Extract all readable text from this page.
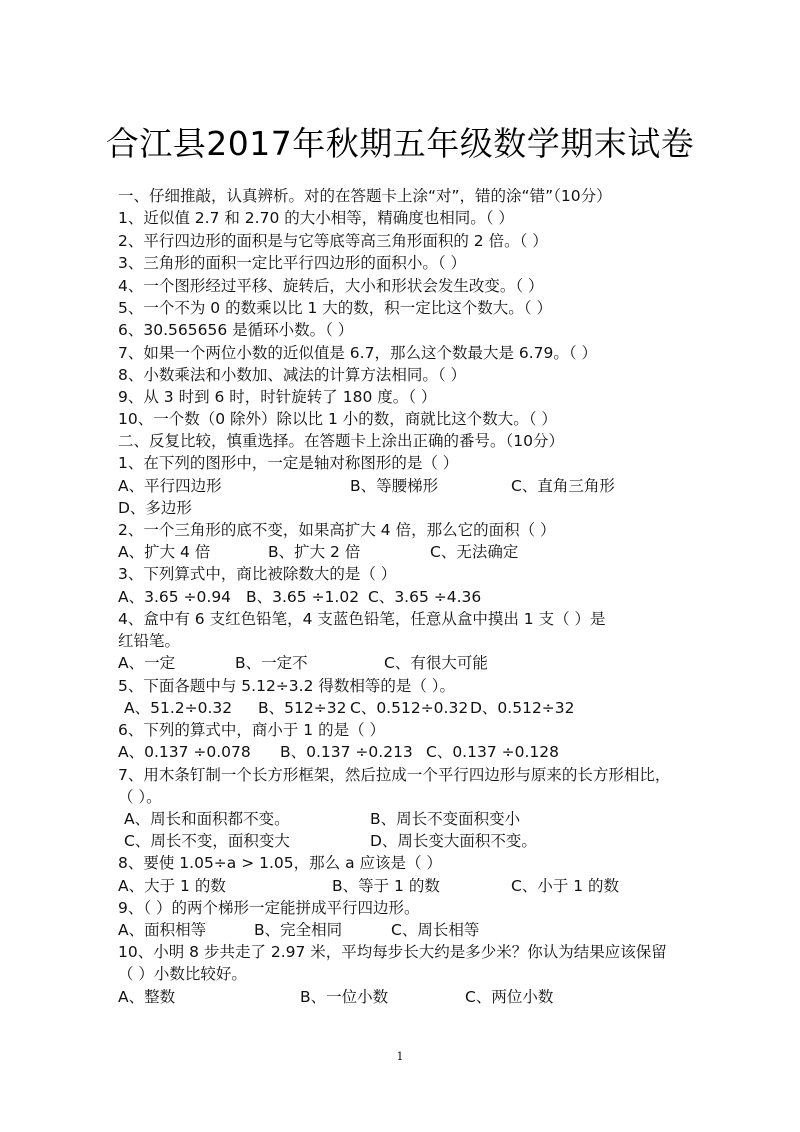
合江县2017年秋期五年级数学期末试卷
一、仔细推敲，认真辨析。对的在答题卡上涂“对”，错的涂“错”（10分）
1、近似值 2.7 和 2.70 的大小相等，精确度也相同。（ ）
2、平行四边形的面积是与它等底等高三角形面积的 2 倍。（ ）
3、三角形的面积一定比平行四边形的面积小。（ ）
4、一个图形经过平移、旋转后，大小和形状会发生改变。（ ）
5、一个不为 0 的数乘以比 1 大的数，积一定比这个数大。（ ）
6、30.565656 是循环小数。（ ）
7、如果一个两位小数的近似值是 6.7，那么这个数最大是 6.79。（ ）
8、小数乘法和小数加、减法的计算方法相同。（ ）
9、从 3 时到 6 时，时针旋转了 180 度。（ ）
10、一个数（0 除外）除以比 1 小的数，商就比这个数大。（ ）
二、反复比较，慎重选择。在答题卡上涂出正确的番号。（10分）
1、在下列的图形中，一定是轴对称图形的是（ ）
A、平行四边形	B、等腰梯形	C、直角三角形
D、多边形
2、一个三角形的底不变，如果高扩大 4 倍，那么它的面积（ ）
A、扩大 4 倍	B、扩大 2 倍	C、无法确定
3、下列算式中，商比被除数大的是（ ）
A、3.65 ÷0.94 B、3.65 ÷1.02 C、3.65 ÷4.36
4、盒中有 6 支红色铅笔，4 支蓝色铅笔，任意从盒中摸出 1 支（ ）是
红铅笔。
A、一定	B、一定不	C、有很大可能
5、下面各题中与 5.12÷3.2 得数相等的是（ ）。
A、51.2÷0.32 B、512÷32 C、0.512÷0.32 D、0.512÷32
6、下列的算式中，商小于 1 的是（ ）
A、0.137 ÷0.078 B、0.137 ÷0.213 C、0.137 ÷0.128
7、用木条钉制一个长方形框架，然后拉成一个平行四边形与原来的长方形相比，
（ ）。
A、周长和面积都不变。	B、周长不变面积变小
C、周长不变，面积变大	D、周长变大面积不变。
8、要使 1.05÷a > 1.05，那么 a 应该是（ ）
A、大于 1 的数	B、等于 1 的数	C、小于 1 的数
9、（ ）的两个梯形一定能拼成平行四边形。
A、面积相等	B、完全相同	C、周长相等
10、小明 8 步共走了 2.97 米，平均每步长大约是多少米？你认为结果应该保留
（ ）小数比较好。
A、整数	B、一位小数	C、两位小数
1
